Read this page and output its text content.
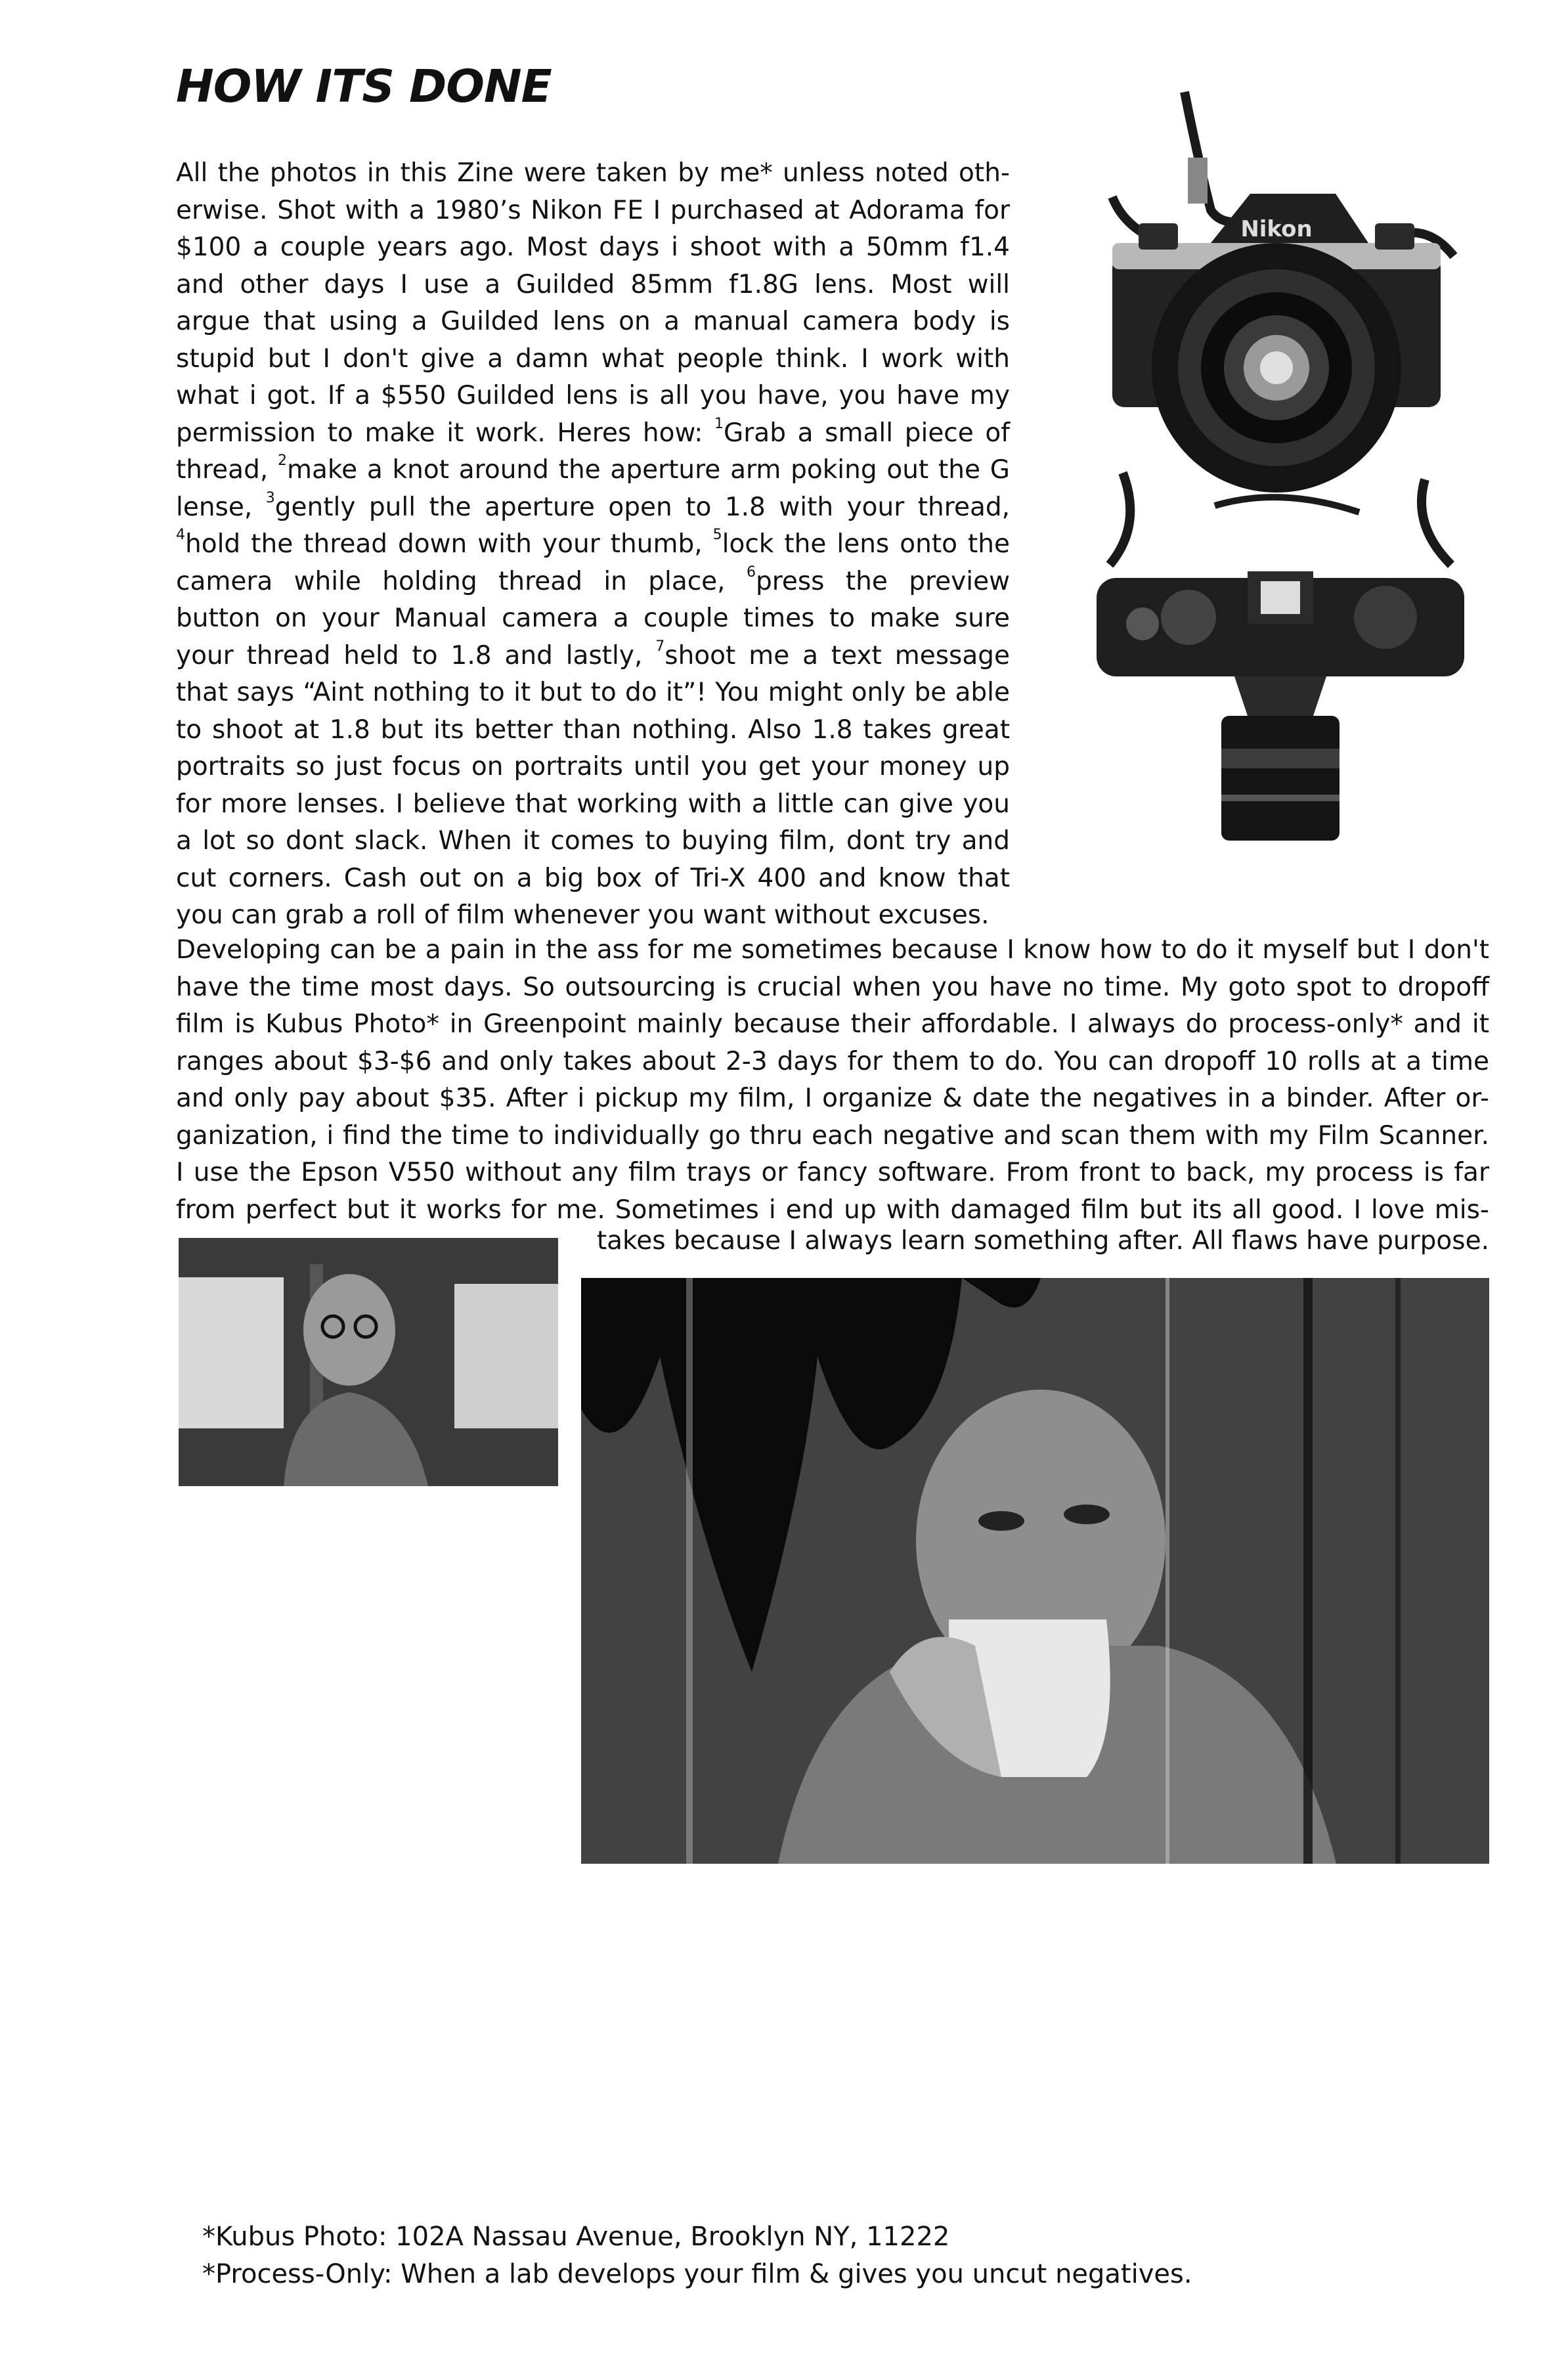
HOW ITS DONE

All the photos in this Zine were taken by me* unless noted oth-
erwise. Shot with a 1980’s Nikon FE I purchased at Adorama for
$100 a couple years ago. Most days i shoot with a 50mm f1.4
and other days I use a Guilded 85mm f1.8G lens. Most will
argue that using a Guilded lens on a manual camera body is
stupid but I don't give a damn what people think. I work with
what i got. If a $550 Guilded lens is all you have, you have my
permission to make it work. Heres how: $^1$Grab a small piece of
thread, $^2$make a knot around the aperture arm poking out the G
lense, $^3$gently pull the aperture open to 1.8 with your thread,
$^4$hold the thread down with your thumb, $^5$lock the lens onto the
camera while holding thread in place, $^6$press the preview
button on your Manual camera a couple times to make sure
your thread held to 1.8 and lastly, $^7$shoot me a text message
that says “Aint nothing to it but to do it”! You might only be able
to shoot at 1.8 but its better than nothing. Also 1.8 takes great
portraits so just focus on portraits until you get your money up
for more lenses. I believe that working with a little can give you
a lot so dont slack. When it comes to buying film, dont try and
cut corners. Cash out on a big box of Tri-X 400 and know that
you can grab a roll of film whenever you want without excuses.

Developing can be a pain in the ass for me sometimes because I know how to do it myself but I don't
have the time most days. So outsourcing is crucial when you have no time. My goto spot to dropoff
film is Kubus Photo* in Greenpoint mainly because their affordable. I always do process-only* and it
ranges about $3-$6 and only takes about 2-3 days for them to do. You can dropoff 10 rolls at a time
and only pay about $35. After i pickup my film, I organize & date the negatives in a binder. After or-
ganization, i find the time to individually go thru each negative and scan them with my Film Scanner.
I use the Epson V550 without any film trays or fancy software. From front to back, my process is far
from perfect but it works for me. Sometimes i end up with damaged film but its all good. I love mis-

takes because I always learn something after. All flaws have purpose.

Nikon

*Kubus Photo: 102A Nassau Avenue, Brooklyn NY, 11222
*Process-Only: When a lab develops your film & gives you uncut negatives.
